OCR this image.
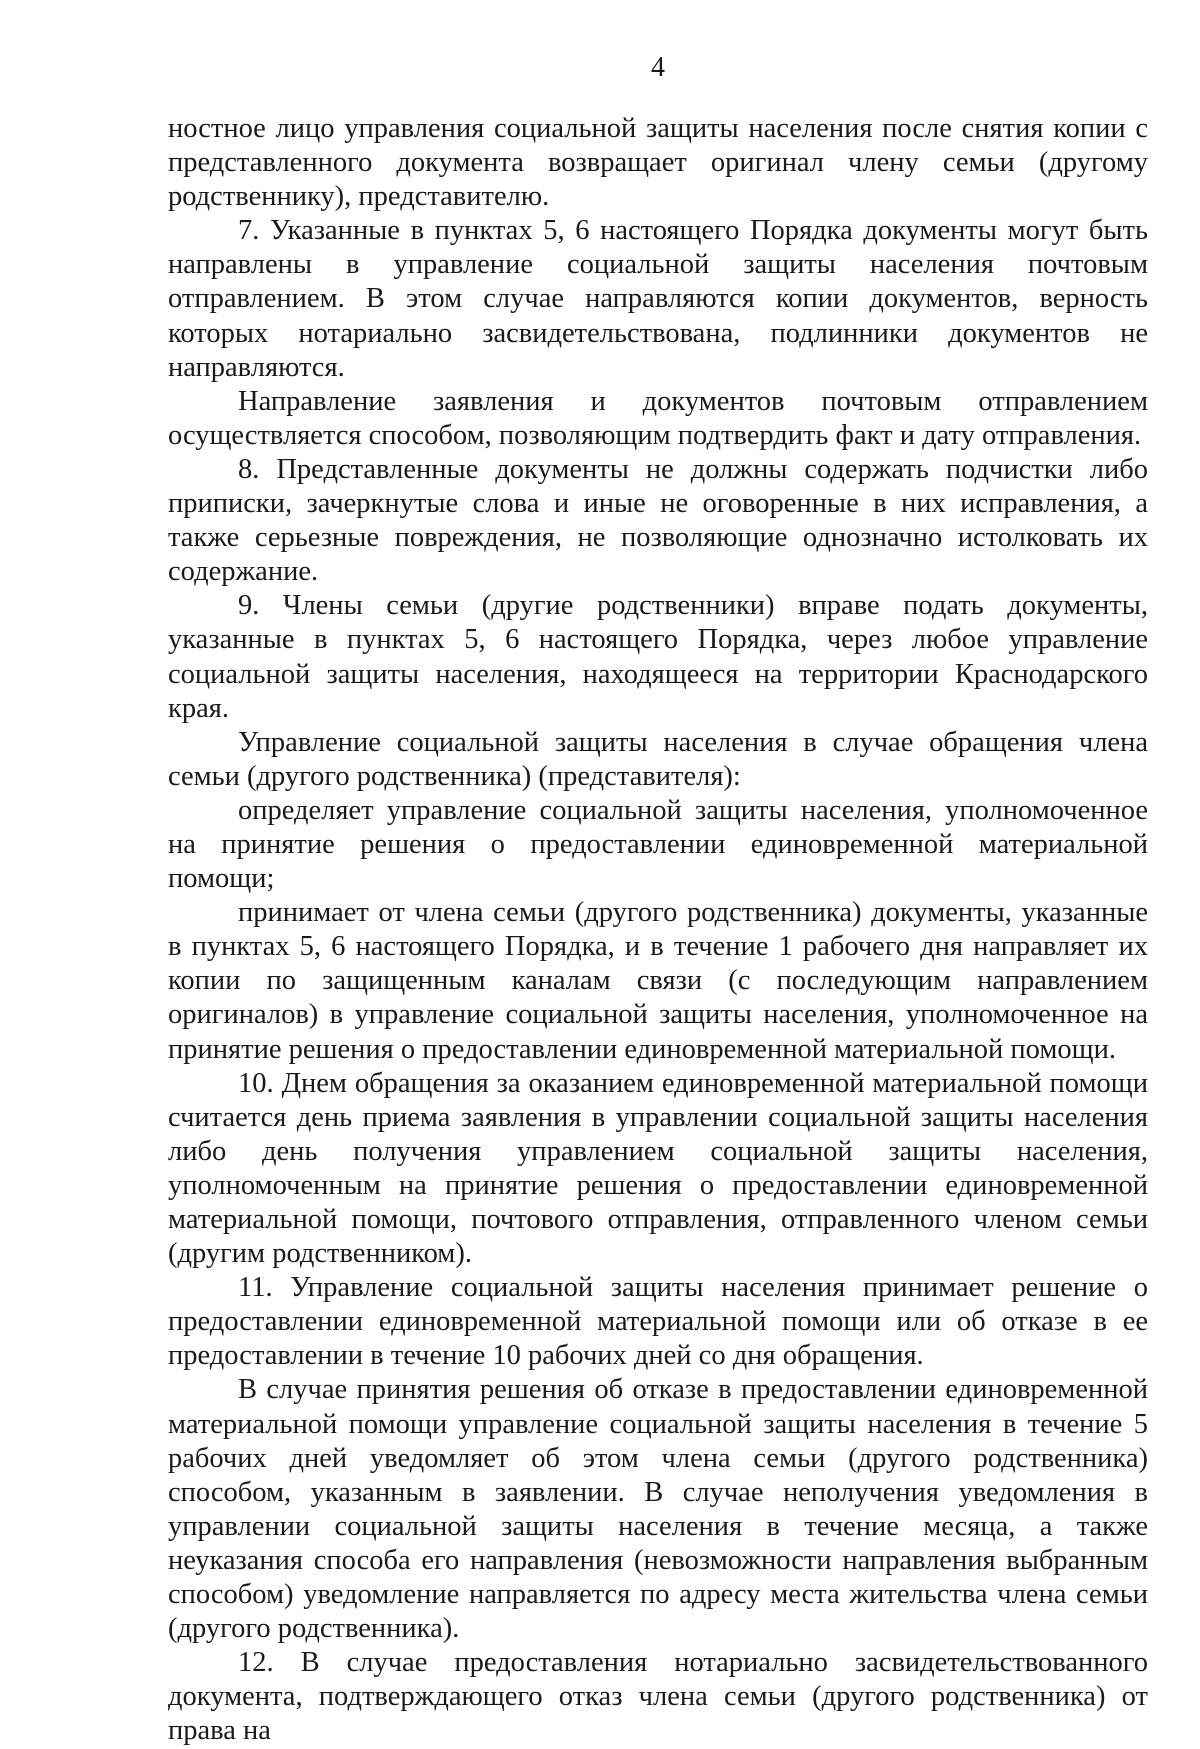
4

ностное лицо управления социальной защиты населения после снятия копии с представленного документа возвращает оригинал члену семьи (другому родственнику), представителю.

7. Указанные в пунктах 5, 6 настоящего Порядка документы могут быть направлены в управление социальной защиты населения почтовым отправлением. В этом случае направляются копии документов, верность которых нотариально засвидетельствована, подлинники документов не направляются.

Направление заявления и документов почтовым отправлением осуществляется способом, позволяющим подтвердить факт и дату отправления.

8. Представленные документы не должны содержать подчистки либо приписки, зачеркнутые слова и иные не оговоренные в них исправления, а также серьезные повреждения, не позволяющие однозначно истолковать их содержание.

9. Члены семьи (другие родственники) вправе подать документы, указанные в пунктах 5, 6 настоящего Порядка, через любое управление социальной защиты населения, находящееся на территории Краснодарского края.

Управление социальной защиты населения в случае обращения члена семьи (другого родственника) (представителя):

определяет управление социальной защиты населения, уполномоченное на принятие решения о предоставлении единовременной материальной помощи;

принимает от члена семьи (другого родственника) документы, указанные в пунктах 5, 6 настоящего Порядка, и в течение 1 рабочего дня направляет их копии по защищенным каналам связи (с последующим направлением оригиналов) в управление социальной защиты населения, уполномоченное на принятие решения о предоставлении единовременной материальной помощи.

10. Днем обращения за оказанием единовременной материальной помощи считается день приема заявления в управлении социальной защиты населения либо день получения управлением социальной защиты населения, уполномоченным на принятие решения о предоставлении единовременной материальной помощи, почтового отправления, отправленного членом семьи (другим родственником).

11. Управление социальной защиты населения принимает решение о предоставлении единовременной материальной помощи или об отказе в ее предоставлении в течение 10 рабочих дней со дня обращения.

В случае принятия решения об отказе в предоставлении единовременной материальной помощи управление социальной защиты населения в течение 5 рабочих дней уведомляет об этом члена семьи (другого родственника) способом, указанным в заявлении. В случае неполучения уведомления в управлении социальной защиты населения в течение месяца, а также неуказания способа его направления (невозможности направления выбранным способом) уведомление направляется по адресу места жительства члена семьи (другого родственника).

12. В случае предоставления нотариально засвидетельствованного документа, подтверждающего отказ члена семьи (другого родственника) от права на
